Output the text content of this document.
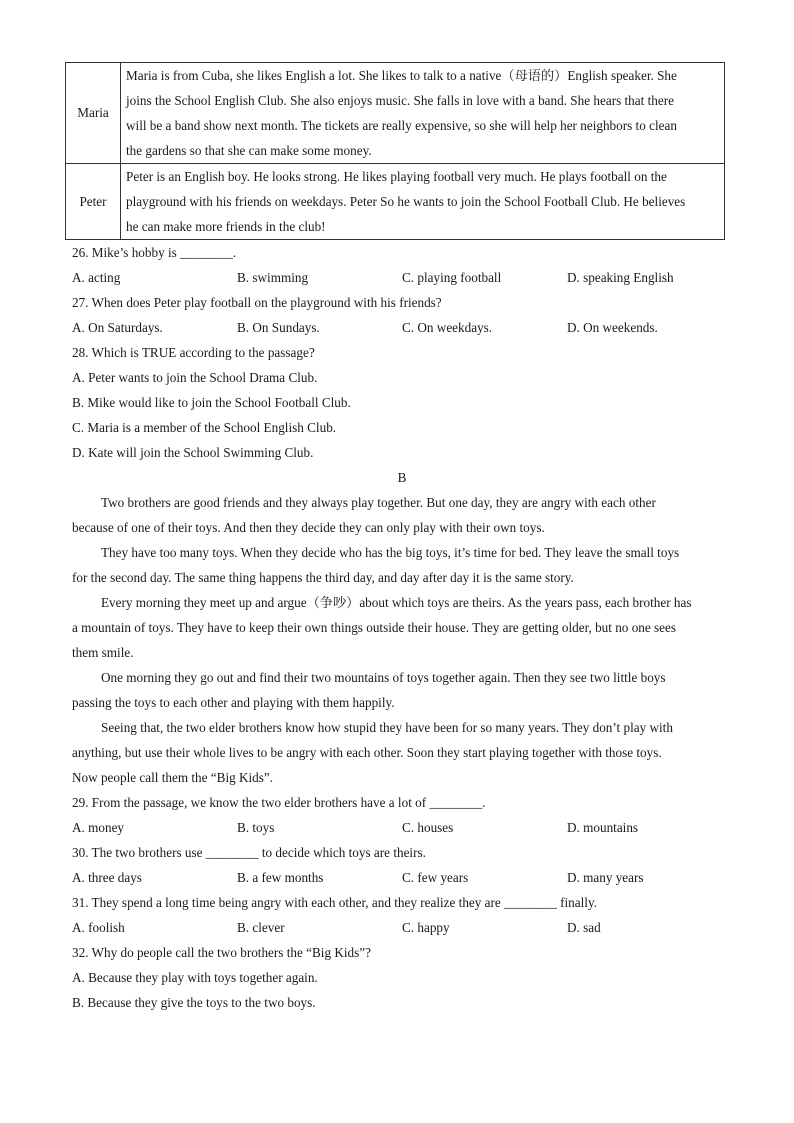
Maria	Maria is from Cuba, she likes English a lot. She likes to talk to a native（母语的）English speaker. She
joins the School English Club. She also enjoys music. She falls in love with a band. She hears that there
will be a band show next month. The tickets are really expensive, so she will help her neighbors to clean
the gardens so that she can make some money.

Peter	Peter is an English boy. He looks strong. He likes playing football very much. He plays football on the
playground with his friends on weekdays. Peter So he wants to join the School Football Club. He believes
he can make more friends in the club!
26. Mike’s hobby is ________.
A. acting	B. swimming	C. playing football	D. speaking English
27. When does Peter play football on the playground with his friends?
A. On Saturdays.	B. On Sundays.	C. On weekdays.	D. On weekends.
28. Which is TRUE according to the passage?
A. Peter wants to join the School Drama Club.
B. Mike would like to join the School Football Club.
C. Maria is a member of the School English Club.
D. Kate will join the School Swimming Club.
B
Two brothers are good friends and they always play together. But one day, they are angry with each other
because of one of their toys. And then they decide they can only play with their own toys.
They have too many toys. When they decide who has the big toys, it’s time for bed. They leave the small toys
for the second day. The same thing happens the third day, and day after day it is the same story.
Every morning they meet up and argue（争吵）about which toys are theirs. As the years pass, each brother has
a mountain of toys. They have to keep their own things outside their house. They are getting older, but no one sees
them smile.
One morning they go out and find their two mountains of toys together again. Then they see two little boys
passing the toys to each other and playing with them happily.
Seeing that, the two elder brothers know how stupid they have been for so many years. They don’t play with
anything, but use their whole lives to be angry with each other. Soon they start playing together with those toys.
Now people call them the “Big Kids”.
29. From the passage, we know the two elder brothers have a lot of ________.
A. money	B. toys	C. houses	D. mountains
30. The two brothers use ________ to decide which toys are theirs.
A. three days	B. a few months	C. few years	D. many years
31. They spend a long time being angry with each other, and they realize they are ________ finally.
A. foolish	B. clever	C. happy	D. sad
32. Why do people call the two brothers the “Big Kids”?
A. Because they play with toys together again.
B. Because they give the toys to the two boys.
